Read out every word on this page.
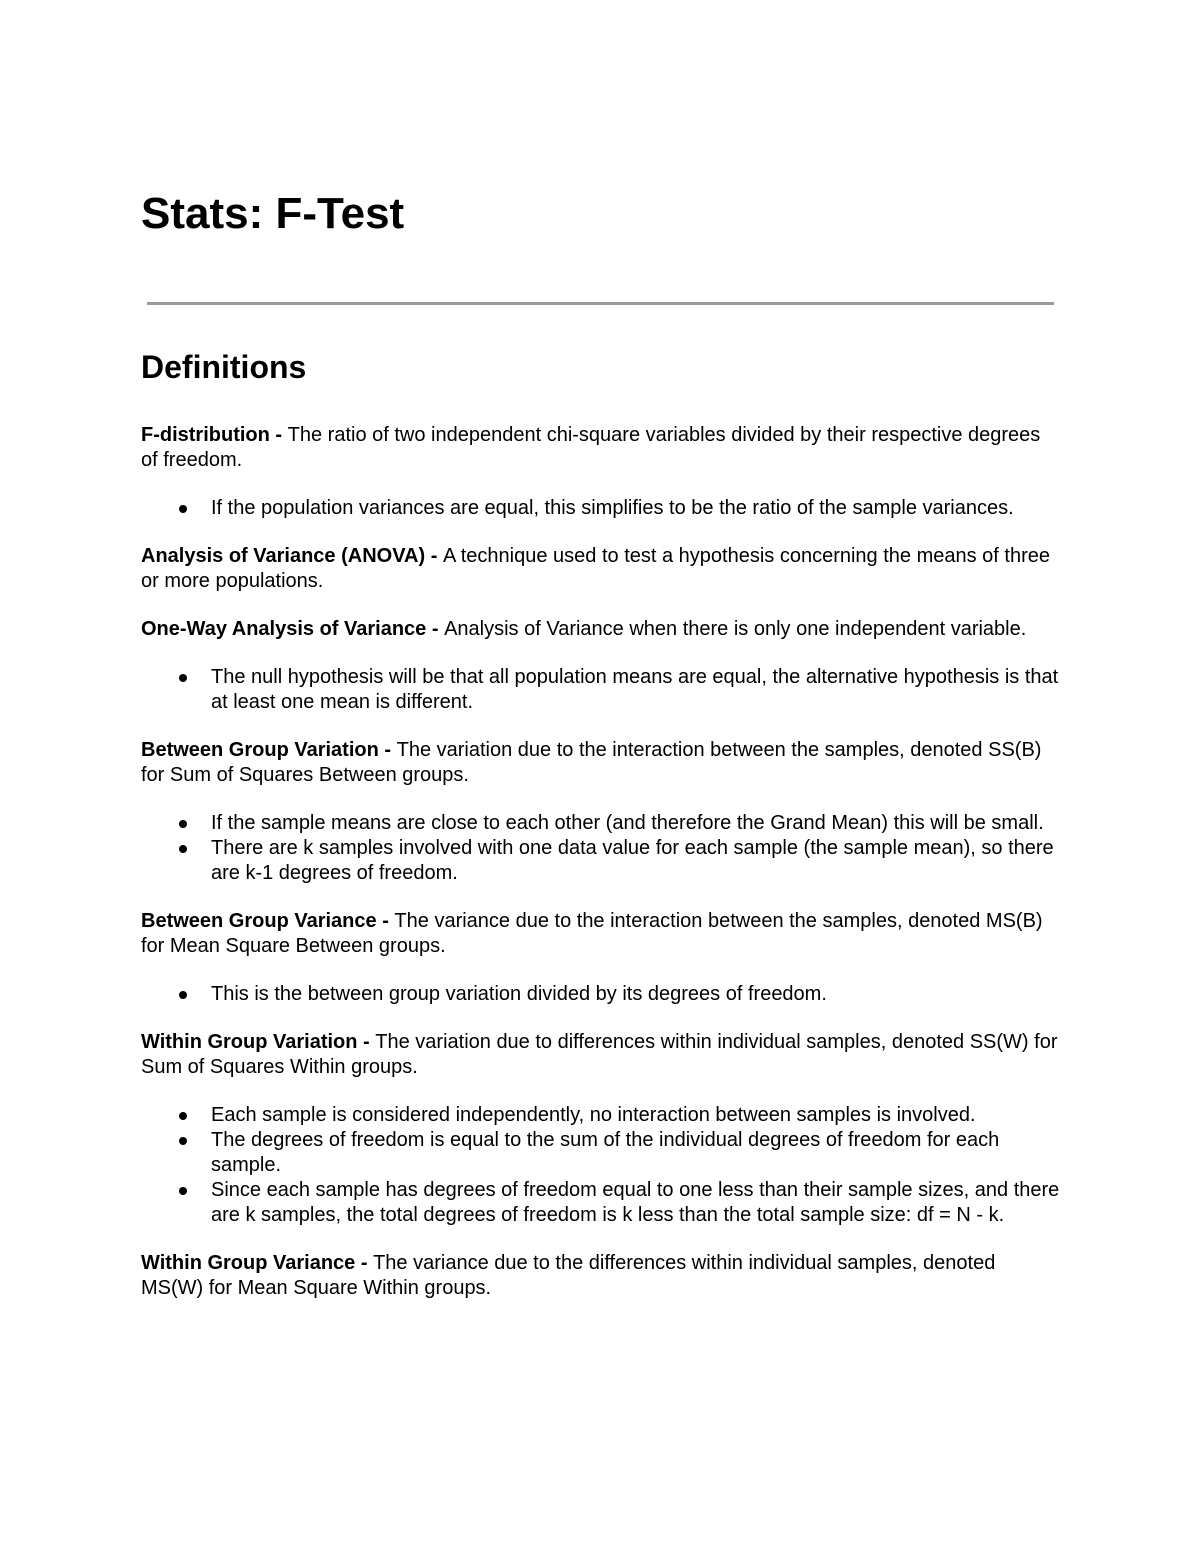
Stats: F-Test
Definitions

F-distribution - The ratio of two independent chi-square variables divided by their respective degrees of freedom.

If the population variances are equal, this simplifies to be the ratio of the sample variances.

Analysis of Variance (ANOVA) - A technique used to test a hypothesis concerning the means of three or more populations.

One-Way Analysis of Variance - Analysis of Variance when there is only one independent variable.

The null hypothesis will be that all population means are equal, the alternative hypothesis is that at least one mean is different.

Between Group Variation - The variation due to the interaction between the samples, denoted SS(B) for Sum of Squares Between groups.

If the sample means are close to each other (and therefore the Grand Mean) this will be small.
There are k samples involved with one data value for each sample (the sample mean), so there are k-1 degrees of freedom.

Between Group Variance - The variance due to the interaction between the samples, denoted MS(B) for Mean Square Between groups.

This is the between group variation divided by its degrees of freedom.

Within Group Variation - The variation due to differences within individual samples, denoted SS(W) for Sum of Squares Within groups.

Each sample is considered independently, no interaction between samples is involved.
The degrees of freedom is equal to the sum of the individual degrees of freedom for each sample.
Since each sample has degrees of freedom equal to one less than their sample sizes, and there are k samples, the total degrees of freedom is k less than the total sample size: df = N - k.

Within Group Variance - The variance due to the differences within individual samples, denoted MS(W) for Mean Square Within groups.
